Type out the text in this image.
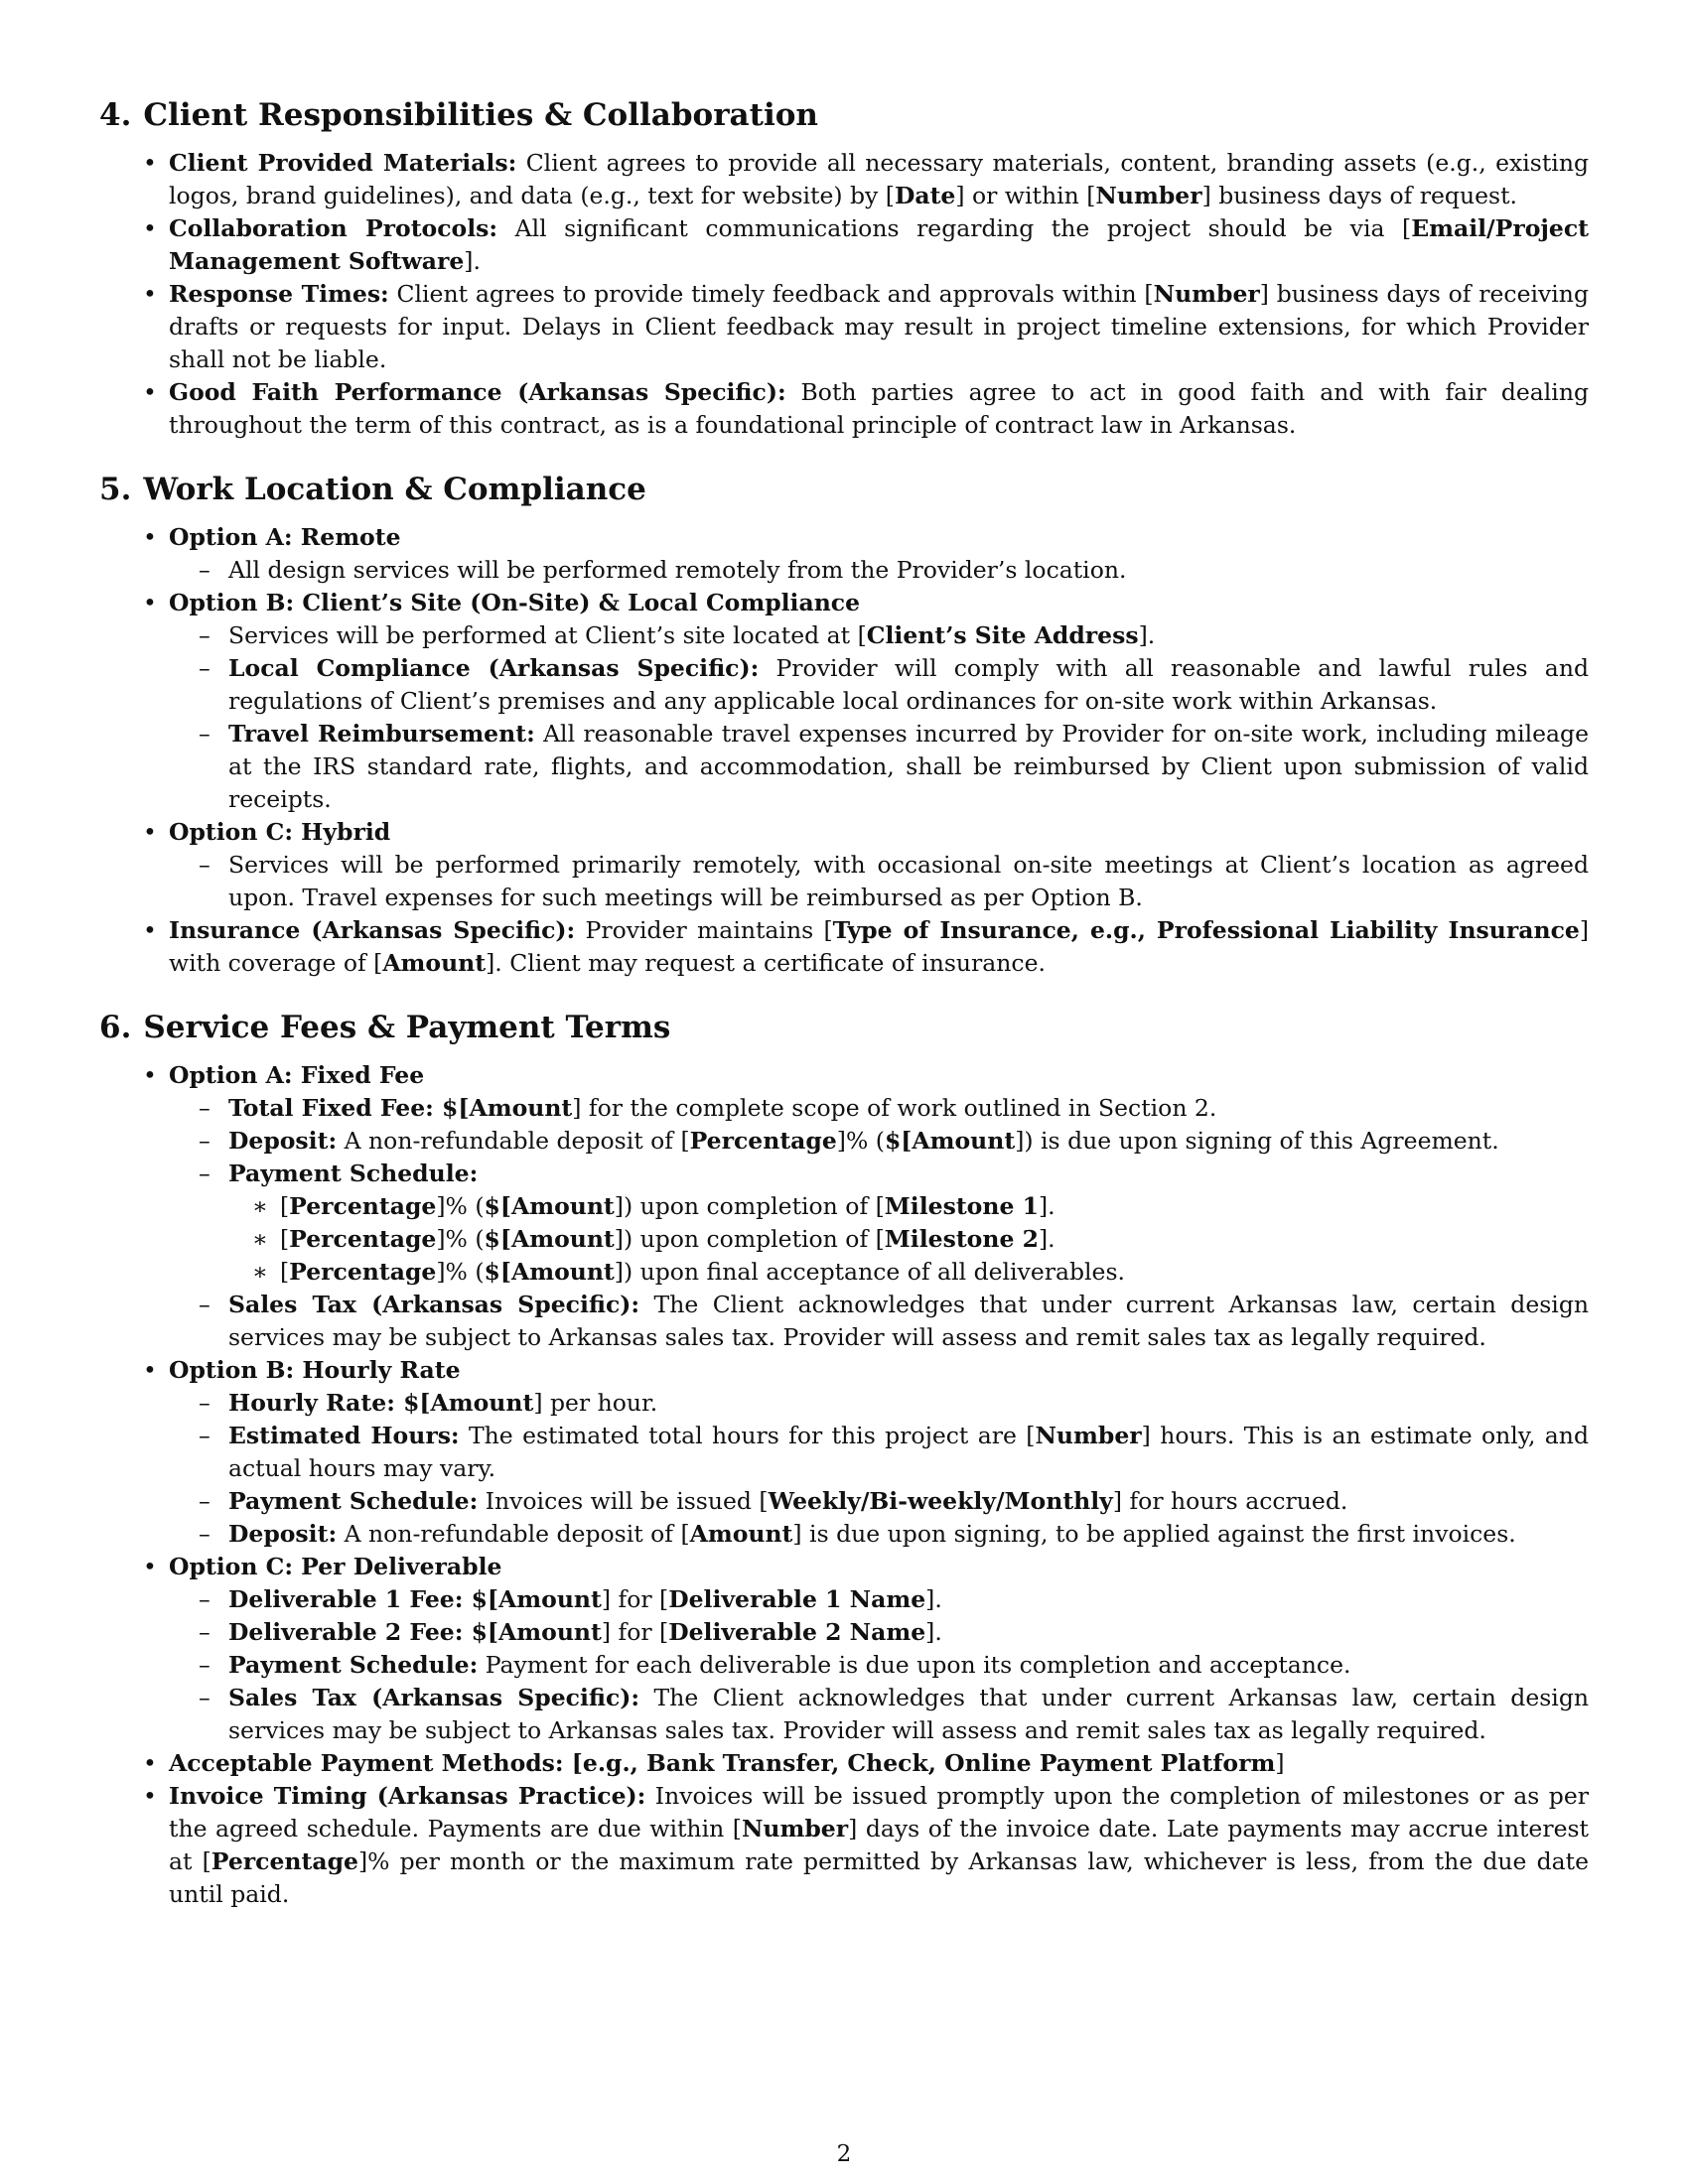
4. Client Responsibilities & Collaboration
• Client Provided Materials: Client agrees to provide all necessary materials, content, branding assets (e.g., existing logos, brand guidelines), and data (e.g., text for website) by [Date] or within [Number] business days of request.
• Collaboration Protocols: All significant communications regarding the project should be via [Email/Project Management Software].
• Response Times: Client agrees to provide timely feedback and approvals within [Number] business days of receiving drafts or requests for input. Delays in Client feedback may result in project timeline extensions, for which Provider shall not be liable.
• Good Faith Performance (Arkansas Specific): Both parties agree to act in good faith and with fair dealing throughout the term of this contract, as is a foundational principle of contract law in Arkansas.
5. Work Location & Compliance
• Option A: Remote
– All design services will be performed remotely from the Provider’s location.
• Option B: Client’s Site (On-Site) & Local Compliance
– Services will be performed at Client’s site located at [Client’s Site Address].
– Local Compliance (Arkansas Specific): Provider will comply with all reasonable and lawful rules and regulations of Client’s premises and any applicable local ordinances for on-site work within Arkansas.
– Travel Reimbursement: All reasonable travel expenses incurred by Provider for on-site work, including mileage at the IRS standard rate, flights, and accommodation, shall be reimbursed by Client upon submission of valid receipts.
• Option C: Hybrid
– Services will be performed primarily remotely, with occasional on-site meetings at Client’s location as agreed upon. Travel expenses for such meetings will be reimbursed as per Option B.
• Insurance (Arkansas Specific): Provider maintains [Type of Insurance, e.g., Professional Liability Insurance] with coverage of [Amount]. Client may request a certificate of insurance.
6. Service Fees & Payment Terms
• Option A: Fixed Fee
– Total Fixed Fee: $[Amount] for the complete scope of work outlined in Section 2.
– Deposit: A non-refundable deposit of [Percentage]% ($[Amount]) is due upon signing of this Agreement.
– Payment Schedule:
∗ [Percentage]% ($[Amount]) upon completion of [Milestone 1].
∗ [Percentage]% ($[Amount]) upon completion of [Milestone 2].
∗ [Percentage]% ($[Amount]) upon final acceptance of all deliverables.
– Sales Tax (Arkansas Specific): The Client acknowledges that under current Arkansas law, certain design services may be subject to Arkansas sales tax. Provider will assess and remit sales tax as legally required.
• Option B: Hourly Rate
– Hourly Rate: $[Amount] per hour.
– Estimated Hours: The estimated total hours for this project are [Number] hours. This is an estimate only, and actual hours may vary.
– Payment Schedule: Invoices will be issued [Weekly/Bi-weekly/Monthly] for hours accrued.
– Deposit: A non-refundable deposit of [Amount] is due upon signing, to be applied against the first invoices.
• Option C: Per Deliverable
– Deliverable 1 Fee: $[Amount] for [Deliverable 1 Name].
– Deliverable 2 Fee: $[Amount] for [Deliverable 2 Name].
– Payment Schedule: Payment for each deliverable is due upon its completion and acceptance.
– Sales Tax (Arkansas Specific): The Client acknowledges that under current Arkansas law, certain design services may be subject to Arkansas sales tax. Provider will assess and remit sales tax as legally required.
• Acceptable Payment Methods: [e.g., Bank Transfer, Check, Online Payment Platform]
• Invoice Timing (Arkansas Practice): Invoices will be issued promptly upon the completion of milestones or as per the agreed schedule. Payments are due within [Number] days of the invoice date. Late payments may accrue interest at [Percentage]% per month or the maximum rate permitted by Arkansas law, whichever is less, from the due date until paid.
2
